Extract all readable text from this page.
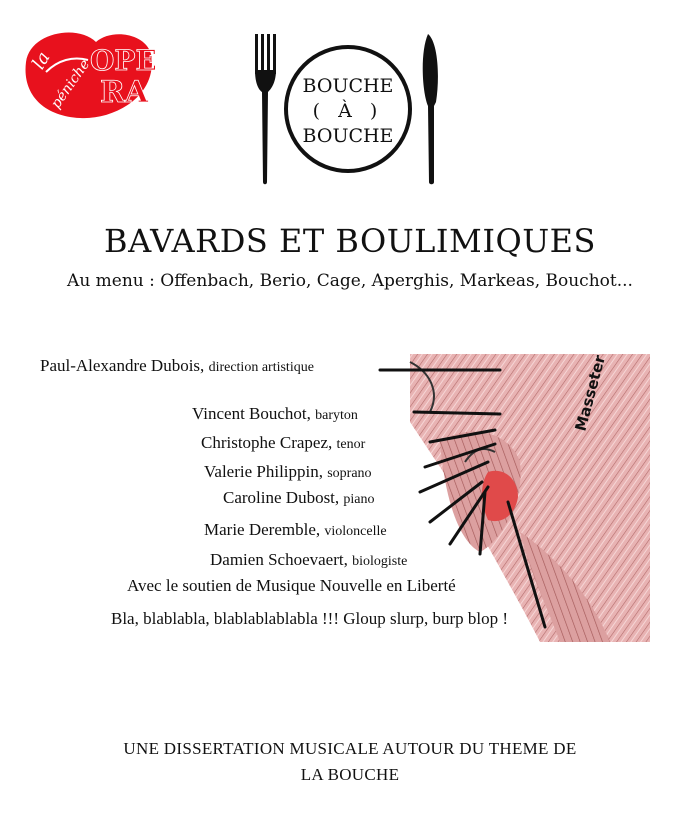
la
péniche
OPE
RA	BOUCHE
( À )
BOUCHE
BAVARDS ET BOULIMIQUES
Au menu : Offenbach, Berio, Cage, Aperghis, Markeas, Bouchot...
Masseter
Paul-Alexandre Dubois, direction artistique
Vincent Bouchot, baryton
Christophe Crapez, tenor
Valerie Philippin, soprano
Caroline Dubost, piano
Marie Deremble, violoncelle
Damien Schoevaert, biologiste
Avec le soutien de Musique Nouvelle en Liberté
Bla, blablabla, blablablablabla !!! Gloup slurp, burp blop !
UNE DISSERTATION MUSICALE AUTOUR DU THEME DE
LA BOUCHE
